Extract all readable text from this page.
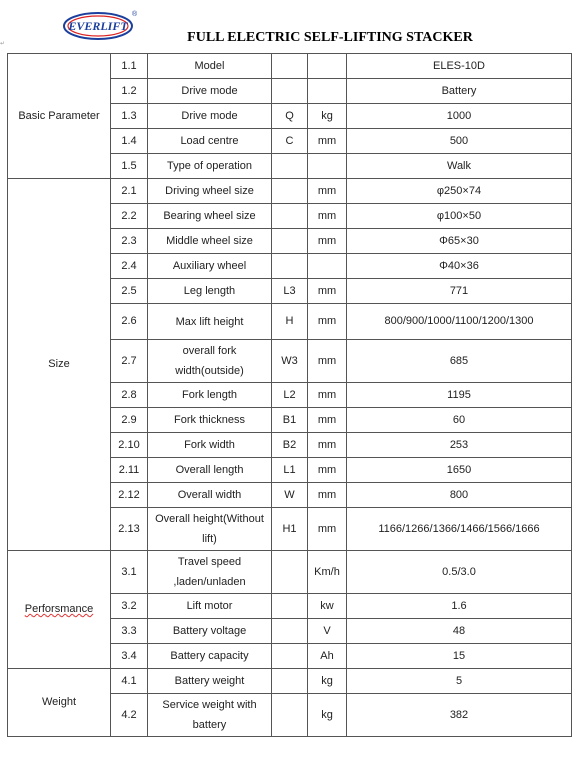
EVERLIFT
®
FULL ELECTRIC SELF-LIFTING STACKER
↵
Basic Parameter	1.1	Model			ELES-10D
	1.2	Drive mode			Battery
	1.3	Drive mode	Q	kg	1000
	1.4	Load centre	C	mm	500
	1.5	Type of operation			Walk
Size	2.1	Driving wheel size		mm	φ250×74
	2.2	Bearing wheel size		mm	φ100×50
	2.3	Middle wheel size		mm	Φ65×30
	2.4	Auxiliary wheel			Φ40×36
	2.5	Leg length	L3	mm	771
	2.6	Max lift height	H	mm	800/900/1000/1100/1200/1300
	2.7	overall fork width(outside)	W3	mm	685
	2.8	Fork length	L2	mm	1195
	2.9	Fork thickness	B1	mm	60
	2.10	Fork width	B2	mm	253
	2.11	Overall length	L1	mm	1650
	2.12	Overall width	W	mm	800
	2.13	Overall height(Without lift)	H1	mm	1166/1266/1366/1466/1566/1666
Perforsmance	3.1	Travel speed ,laden/unladen		Km/h	0.5/3.0
	3.2	Lift motor		kw	1.6
	3.3	Battery voltage		V	48
	3.4	Battery capacity		Ah	15
Weight	4.1	Battery weight		kg	5
	4.2	Service weight with battery		kg	382
